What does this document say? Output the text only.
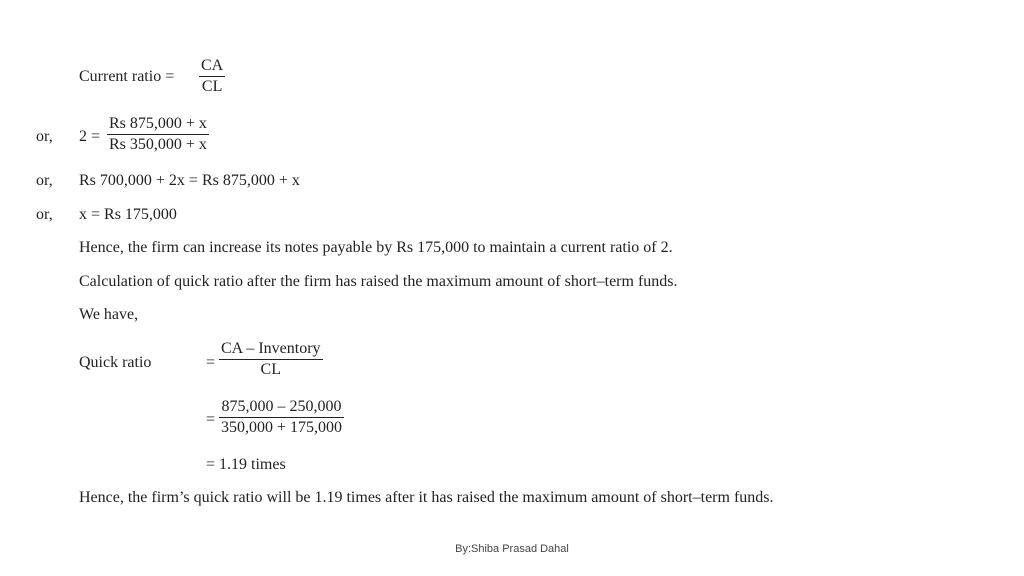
Current ratio = $\frac{CA}{CL}$
or, $2 = \frac{Rs 875,000 + x}{Rs 350,000 + x}$
or, Rs 700,000 + 2x = Rs 875,000 + x
or, x = Rs 175,000
Hence, the firm can increase its notes payable by Rs 175,000 to maintain a current ratio of 2.
Calculation of quick ratio after the firm has raised the maximum amount of short–term funds.
We have,
Quick ratio	=
CA – Inventory
CL
= $\frac{875,000 - 250,000}{350,000 + 175,000}$
= 1.19 times
Hence, the firm’s quick ratio will be 1.19 times after it has raised the maximum amount of short–term funds.
By:Shiba Prasad Dahal
